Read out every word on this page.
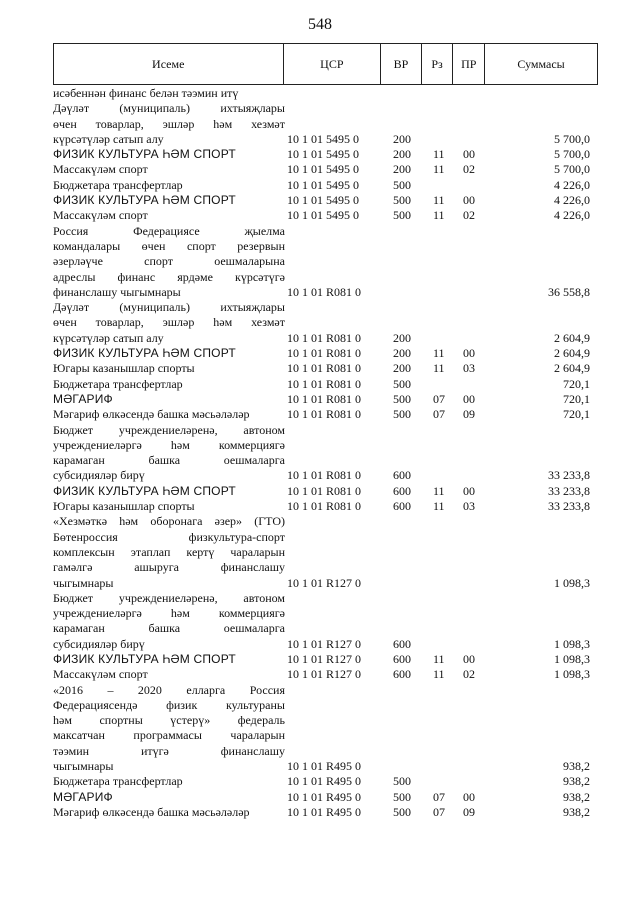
548
Исеме	ЦСР	ВР	Рз	ПР	Суммасы
исәбеннән финанс белән тәэмин итү
Дәүләт (муниципаль) ихтыяҗлары
өчен товарлар, эшләр һәм хезмәт
күрсәтүләр сатып алу	10 1 01 5495 0	200	5 700,0
ФИЗИК КУЛЬТУРА ҺӘМ СПОРТ	10 1 01 5495 0	200 11 00	5 700,0
Массакүләм спорт	10 1 01 5495 0	200 11 02	5 700,0
Бюджетара трансфертлар	10 1 01 5495 0	500	4 226,0
ФИЗИК КУЛЬТУРА ҺӘМ СПОРТ	10 1 01 5495 0	500 11 00	4 226,0
Массакүләм спорт	10 1 01 5495 0	500 11 02	4 226,0
Россия Федерациясе җыелма
командалары өчен спорт резервын
әзерләүче спорт оешмаларына
адреслы финанс ярдәме күрсәтүгә
финанслашу чыгымнары	10 1 01 R081 0	36 558,8
Дәүләт (муниципаль) ихтыяҗлары
өчен товарлар, эшләр һәм хезмәт
күрсәтүләр сатып алу	10 1 01 R081 0	200	2 604,9
ФИЗИК КУЛЬТУРА ҺӘМ СПОРТ	10 1 01 R081 0	200 11 00	2 604,9
Югары казанышлар спорты	10 1 01 R081 0	200 11 03	2 604,9
Бюджетара трансфертлар	10 1 01 R081 0	500	720,1
МӘГАРИФ	10 1 01 R081 0	500 07 00	720,1
Мәгариф өлкәсендә башка мәсьәләләр	10 1 01 R081 0	500 07 09	720,1
Бюджет учреждениеләренә, автоном
учреждениеләргә һәм коммерциягә
карамаган башка оешмаларга
субсидияләр бирү	10 1 01 R081 0	600	33 233,8
ФИЗИК КУЛЬТУРА ҺӘМ СПОРТ	10 1 01 R081 0	600 11 00	33 233,8
Югары казанышлар спорты	10 1 01 R081 0	600 11 03	33 233,8
«Хезмәткә һәм оборонага әзер» (ГТО)
Бөтенроссия физкультура-спорт
комплексын этаплап кертү чараларын
гамәлгә ашыруга финанслашу
чыгымнары	10 1 01 R127 0	1 098,3
Бюджет учреждениеләренә, автоном
учреждениеләргә һәм коммерциягә
карамаган башка оешмаларга
субсидияләр бирү	10 1 01 R127 0	600	1 098,3
ФИЗИК КУЛЬТУРА ҺӘМ СПОРТ	10 1 01 R127 0	600 11 00	1 098,3
Массакүләм спорт	10 1 01 R127 0	600 11 02	1 098,3
«2016 – 2020 елларга Россия
Федерациясендә физик культураны
һәм спортны үстерү» федераль
максатчан программасы чараларын
тәэмин итүгә финанслашу
чыгымнары	10 1 01 R495 0	938,2
Бюджетара трансфертлар	10 1 01 R495 0	500	938,2
МӘГАРИФ	10 1 01 R495 0	500 07 00	938,2
Мәгариф өлкәсендә башка мәсьәләләр	10 1 01 R495 0	500 07 09	938,2
